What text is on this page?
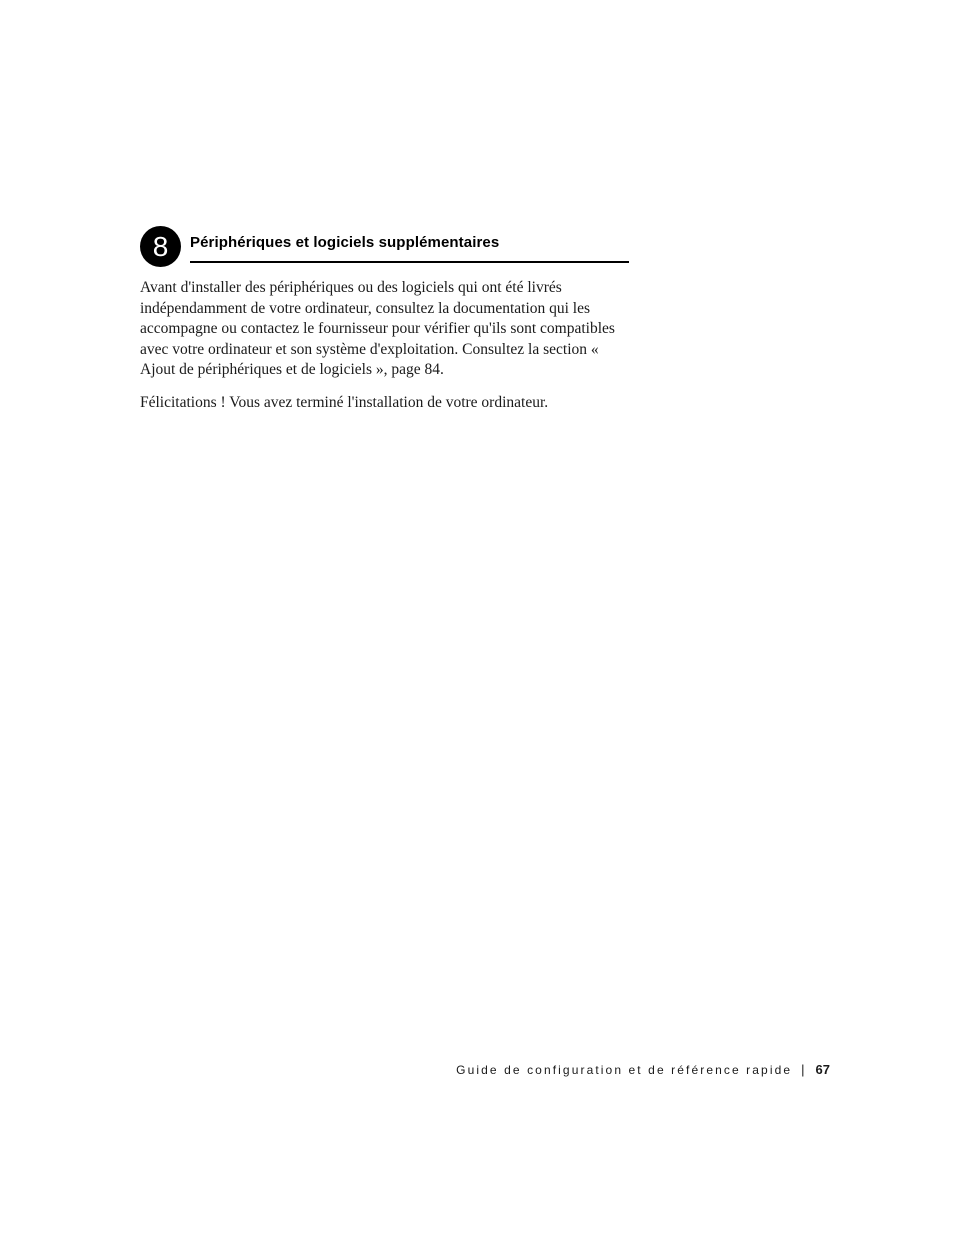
8	Périphériques et logiciels supplémentaires

Avant d'installer des périphériques ou des logiciels qui ont été livrés indépendamment de votre ordinateur, consultez la documentation qui les accompagne ou contactez le fournisseur pour vérifier qu'ils sont compatibles avec votre ordinateur et son système d'exploitation. Consultez la section « Ajout de périphériques et de logiciels », page 84.

Félicitations ! Vous avez terminé l'installation de votre ordinateur.

Guide de configuration et de référence rapide | 67
